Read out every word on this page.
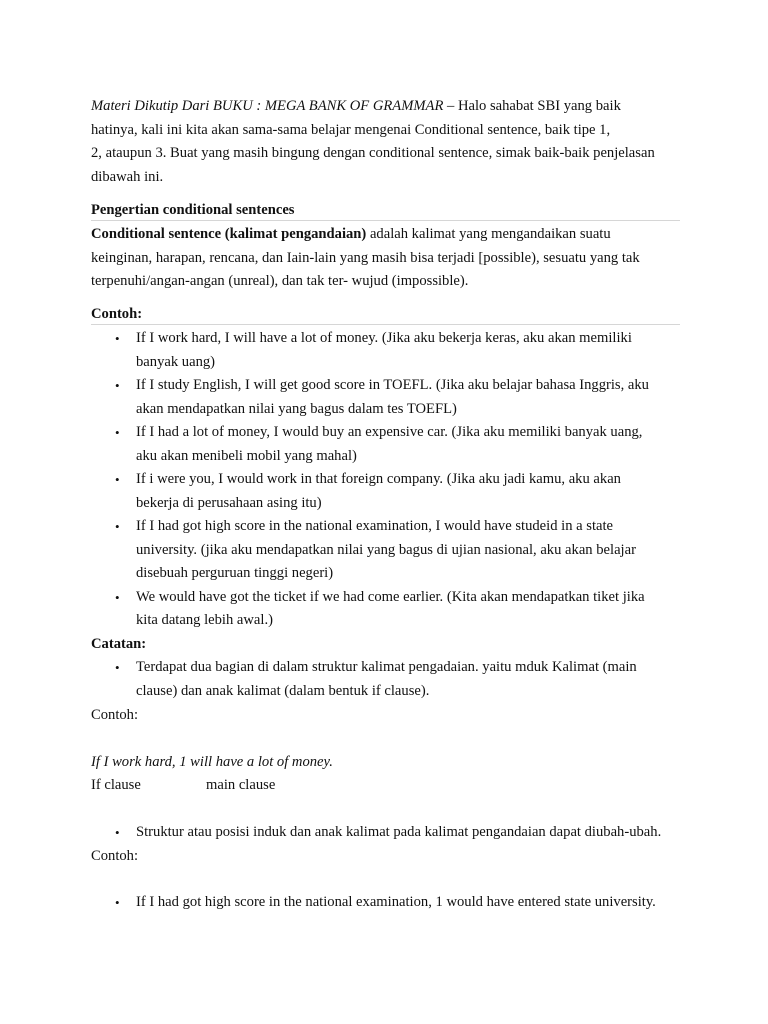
Materi Dikutip Dari BUKU : MEGA BANK OF GRAMMAR – Halo sahabat SBI yang baik
hatinya, kali ini kita akan sama-sama belajar mengenai Conditional sentence, baik tipe 1,
2, ataupun 3. Buat yang masih bingung dengan conditional sentence, simak baik-baik penjelasan
dibawah ini.
Pengertian conditional sentences
Conditional sentence (kalimat pengandaian) adalah kalimat yang mengandaikan suatu
keinginan, harapan, rencana, dan Iain-lain yang masih bisa terjadi [possible), sesuatu yang tak
terpenuhi/angan-angan (unreal), dan tak ter- wujud (impossible).
Contoh:
• If I work hard, I will have a lot of money. (Jika aku bekerja keras, aku akan memiliki
banyak uang)
• If I study English, I will get good score in TOEFL. (Jika aku belajar bahasa Inggris, aku
akan mendapatkan nilai yang bagus dalam tes TOEFL)
• If I had a lot of money, I would buy an expensive car. (Jika aku memiliki banyak uang,
aku akan menibeli mobil yang mahal)
• If i were you, I would work in that foreign company. (Jika aku jadi kamu, aku akan
bekerja di perusahaan asing itu)
• If I had got high score in the national examination, I would have studeid in a state
university. (jika aku mendapatkan nilai yang bagus di ujian nasional, aku akan belajar
disebuah perguruan tinggi negeri)
• We would have got the ticket if we had come earlier. (Kita akan mendapatkan tiket jika
kita datang lebih awal.)
Catatan:
• Terdapat dua bagian di dalam struktur kalimat pengadaian. yaitu mduk Kalimat (main
clause) dan anak kalimat (dalam bentuk if clause).
Contoh:
If I work hard, 1 will have a lot of money.
If clause	main clause
• Struktur atau posisi induk dan anak kalimat pada kalimat pengandaian dapat diubah-ubah.
Contoh:
• If I had got high score in the national examination, 1 would have entered state university.
